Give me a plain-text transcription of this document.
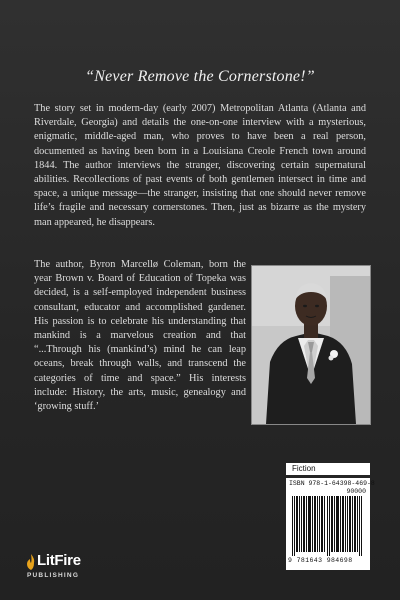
“Never Remove the Cornerstone!”

The story set in modern-day (early 2007) Metropolitan Atlanta (Atlanta and Riverdale, Georgia) and details the one-on-one interview with a mysterious, enigmatic, middle-aged man, who proves to have been a real person, documented as having been born in a Louisiana Creole French town around 1844. The author interviews the stranger, discovering certain supernatural abilities. Recollections of past events of both gentlemen intersect in time and space, a unique message—the stranger, insisting that one should never remove life’s fragile and necessary cornerstones. Then, just as bizarre as the mystery man appeared, he disappears.

The author, Byron Marcellø Coleman, born the year Brown v. Board of Education of Topeka was decided, is a self-employed independent business consultant, educator and accomplished gardener. His passion is to celebrate his understanding that mankind is a marvelous creation and that “...Through his (mankind’s) mind he can leap oceans, break through walls, and transcend the categories of time and space.” His interests include: History, the arts, music, genealogy and ‘growing stuff.’

Fiction
ISBN 978-1-64398-469-8
90000
9 781643 984698
LitFire
PUBLISHING
